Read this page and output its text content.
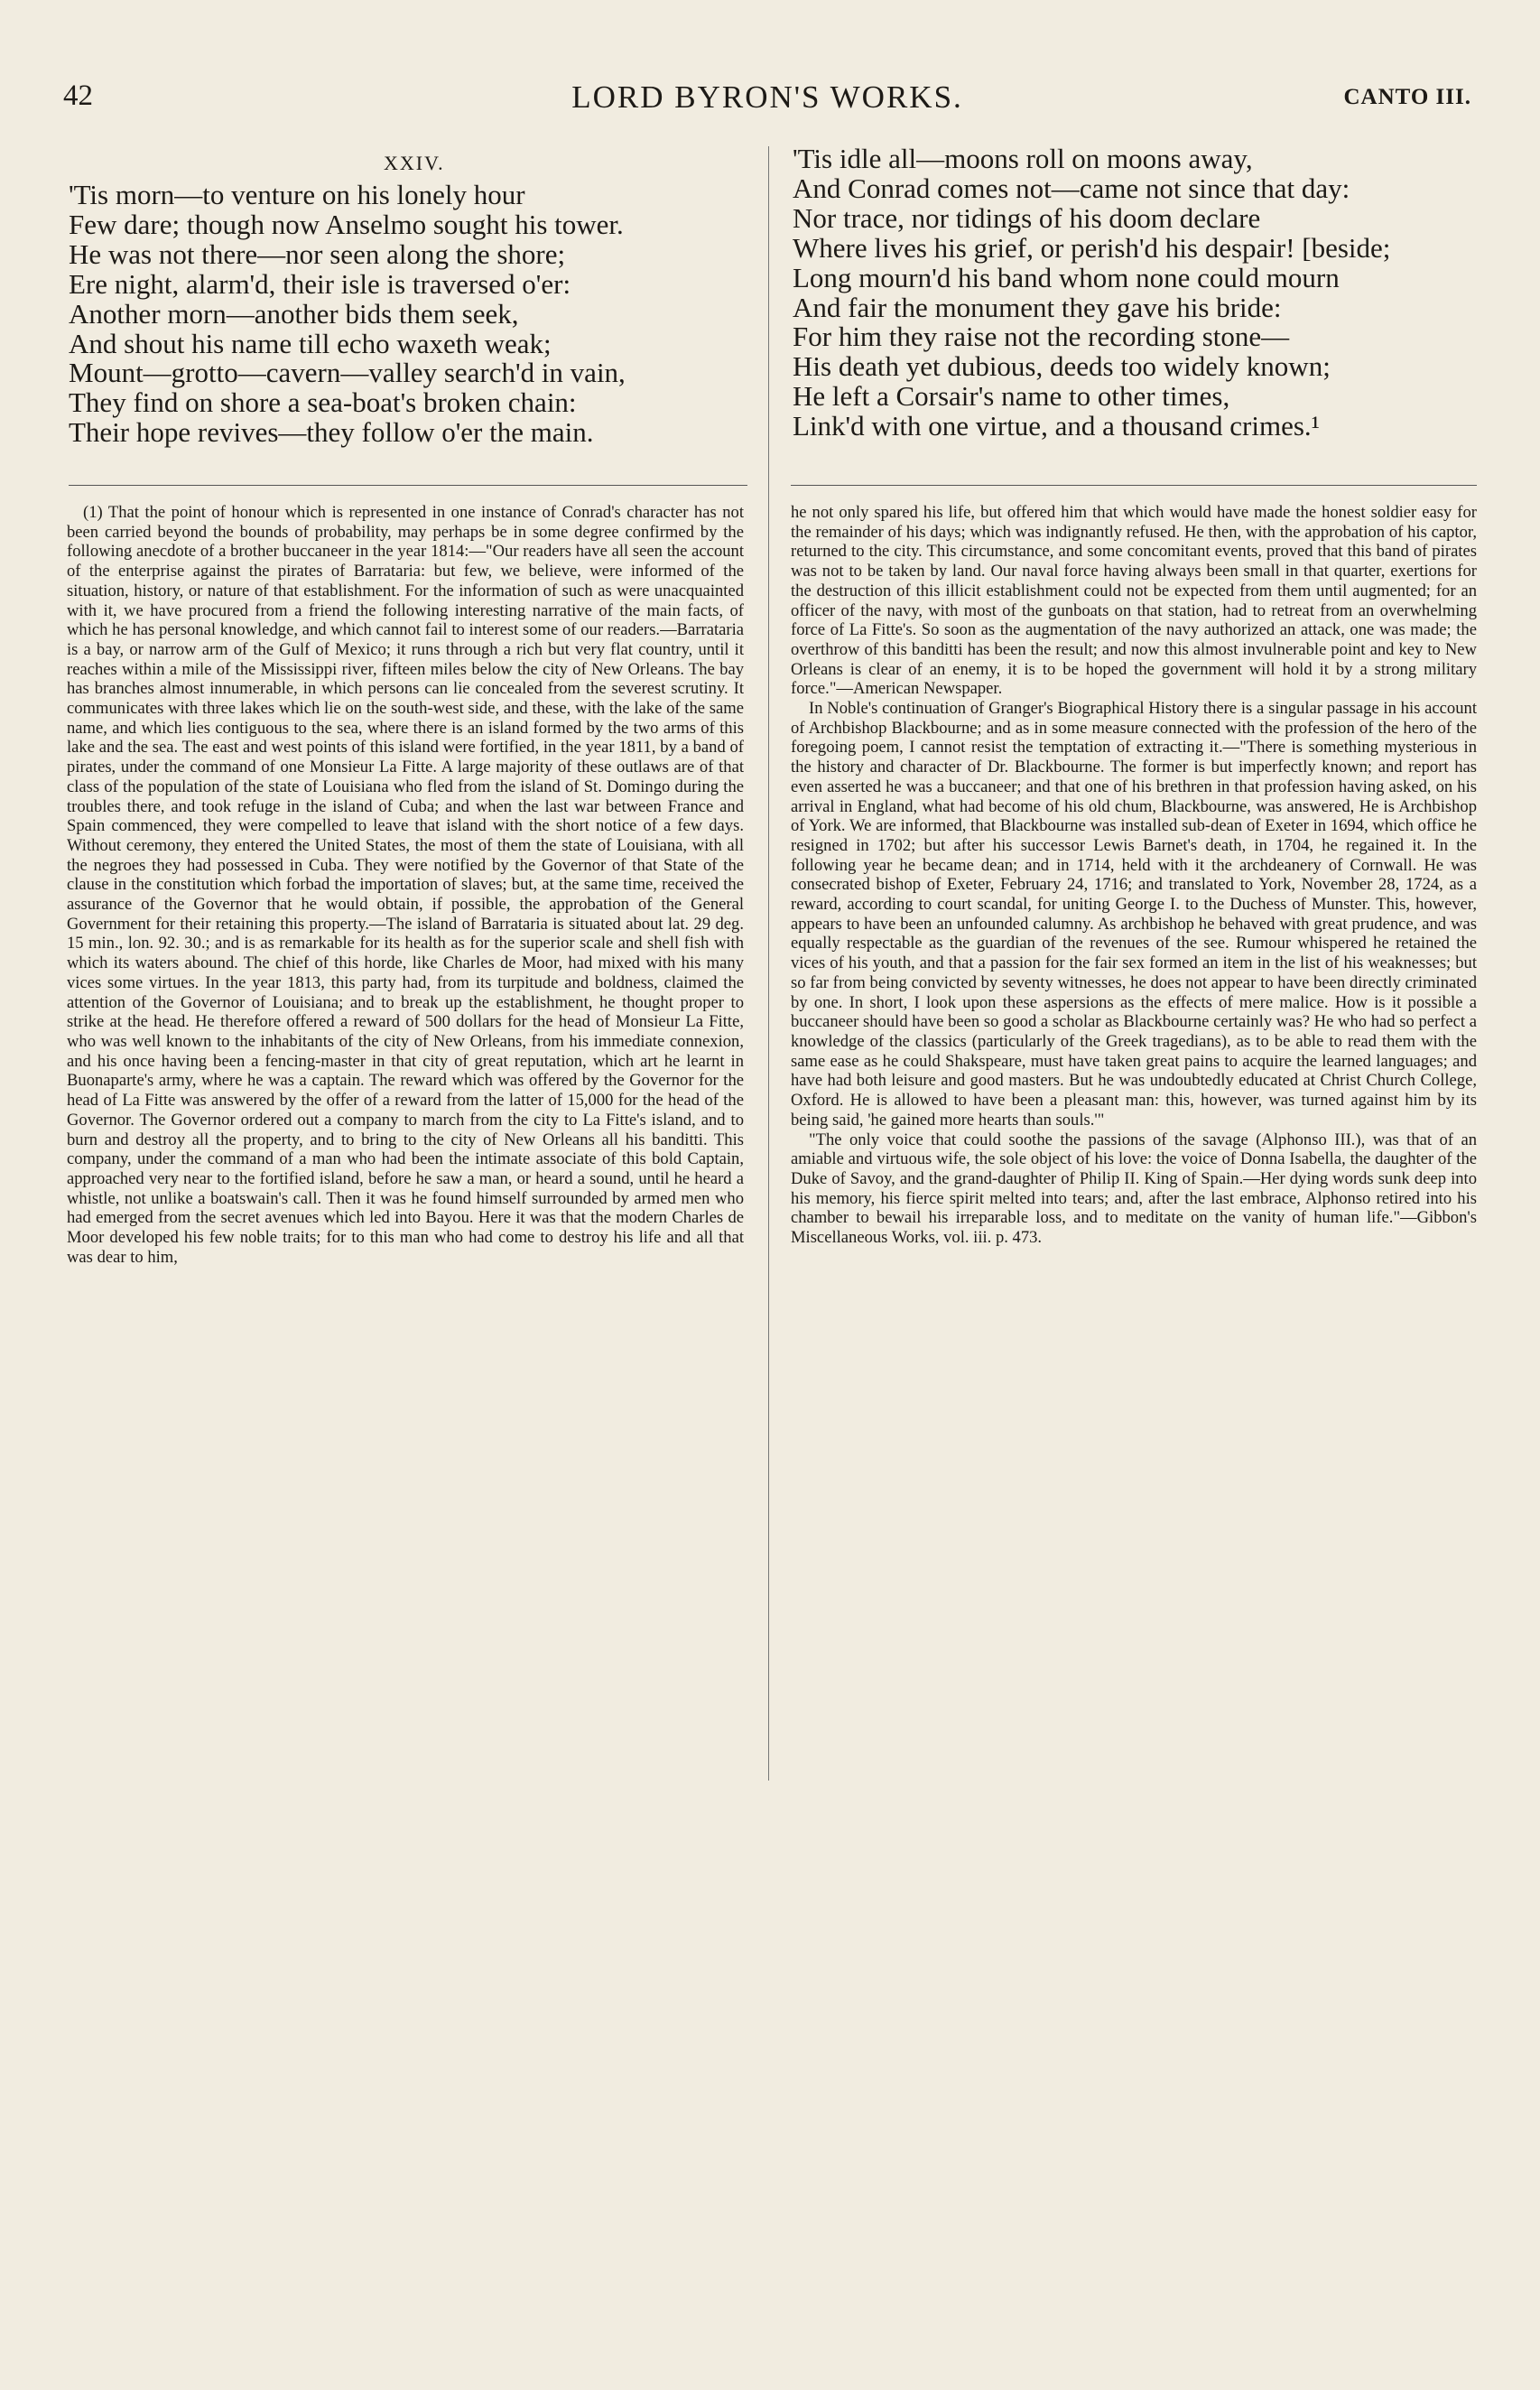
42	LORD BYRON'S WORKS.	CANTO III.
XXIV.
'Tis morn—to venture on his lonely hour
Few dare; though now Anselmo sought his tower.
He was not there—nor seen along the shore;
Ere night, alarm'd, their isle is traversed o'er:
Another morn—another bids them seek,
And shout his name till echo waxeth weak;
Mount—grotto—cavern—valley search'd in vain,
They find on shore a sea-boat's broken chain:
Their hope revives—they follow o'er the main.
'Tis idle all—moons roll on moons away,
And Conrad comes not—came not since that day:
Nor trace, nor tidings of his doom declare
Where lives his grief, or perish'd his despair! [beside;
Long mourn'd his band whom none could mourn
And fair the monument they gave his bride:
For him they raise not the recording stone—
His death yet dubious, deeds too widely known;
He left a Corsair's name to other times,
Link'd with one virtue, and a thousand crimes.¹

(1) That the point of honour which is represented in one instance of Conrad's character has not been carried beyond the bounds of probability, may perhaps be in some degree confirmed by the following anecdote of a brother buccaneer in the year 1814:—"Our readers have all seen the account of the enterprise against the pirates of Barrataria: but few, we believe, were informed of the situation, history, or nature of that establishment. For the information of such as were unacquainted with it, we have procured from a friend the following interesting narrative of the main facts, of which he has personal knowledge, and which cannot fail to interest some of our readers.—Barrataria is a bay, or narrow arm of the Gulf of Mexico; it runs through a rich but very flat country, until it reaches within a mile of the Mississippi river, fifteen miles below the city of New Orleans. The bay has branches almost innumerable, in which persons can lie concealed from the severest scrutiny. It communicates with three lakes which lie on the south-west side, and these, with the lake of the same name, and which lies contiguous to the sea, where there is an island formed by the two arms of this lake and the sea. The east and west points of this island were fortified, in the year 1811, by a band of pirates, under the command of one Monsieur La Fitte. A large majority of these outlaws are of that class of the population of the state of Louisiana who fled from the island of St. Domingo during the troubles there, and took refuge in the island of Cuba; and when the last war between France and Spain commenced, they were compelled to leave that island with the short notice of a few days. Without ceremony, they entered the United States, the most of them the state of Louisiana, with all the negroes they had possessed in Cuba. They were notified by the Governor of that State of the clause in the constitution which forbad the importation of slaves; but, at the same time, received the assurance of the Governor that he would obtain, if possible, the approbation of the General Government for their retaining this property.—The island of Barrataria is situated about lat. 29 deg. 15 min., lon. 92. 30.; and is as remarkable for its health as for the superior scale and shell fish with which its waters abound. The chief of this horde, like Charles de Moor, had mixed with his many vices some virtues. In the year 1813, this party had, from its turpitude and boldness, claimed the attention of the Governor of Louisiana; and to break up the establishment, he thought proper to strike at the head. He therefore offered a reward of 500 dollars for the head of Monsieur La Fitte, who was well known to the inhabitants of the city of New Orleans, from his immediate connexion, and his once having been a fencing-master in that city of great reputation, which art he learnt in Buonaparte's army, where he was a captain. The reward which was offered by the Governor for the head of La Fitte was answered by the offer of a reward from the latter of 15,000 for the head of the Governor. The Governor ordered out a company to march from the city to La Fitte's island, and to burn and destroy all the property, and to bring to the city of New Orleans all his banditti. This company, under the command of a man who had been the intimate associate of this bold Captain, approached very near to the fortified island, before he saw a man, or heard a sound, until he heard a whistle, not unlike a boatswain's call. Then it was he found himself surrounded by armed men who had emerged from the secret avenues which led into Bayou. Here it was that the modern Charles de Moor developed his few noble traits; for to this man who had come to destroy his life and all that was dear to him,

he not only spared his life, but offered him that which would have made the honest soldier easy for the remainder of his days; which was indignantly refused. He then, with the approbation of his captor, returned to the city. This circumstance, and some concomitant events, proved that this band of pirates was not to be taken by land. Our naval force having always been small in that quarter, exertions for the destruction of this illicit establishment could not be expected from them until augmented; for an officer of the navy, with most of the gunboats on that station, had to retreat from an overwhelming force of La Fitte's. So soon as the augmentation of the navy authorized an attack, one was made; the overthrow of this banditti has been the result; and now this almost invulnerable point and key to New Orleans is clear of an enemy, it is to be hoped the government will hold it by a strong military force."—American Newspaper.

In Noble's continuation of Granger's Biographical History there is a singular passage in his account of Archbishop Blackbourne; and as in some measure connected with the profession of the hero of the foregoing poem, I cannot resist the temptation of extracting it.—"There is something mysterious in the history and character of Dr. Blackbourne. The former is but imperfectly known; and report has even asserted he was a buccaneer; and that one of his brethren in that profession having asked, on his arrival in England, what had become of his old chum, Blackbourne, was answered, He is Archbishop of York. We are informed, that Blackbourne was installed sub-dean of Exeter in 1694, which office he resigned in 1702; but after his successor Lewis Barnet's death, in 1704, he regained it. In the following year he became dean; and in 1714, held with it the archdeanery of Cornwall. He was consecrated bishop of Exeter, February 24, 1716; and translated to York, November 28, 1724, as a reward, according to court scandal, for uniting George I. to the Duchess of Munster. This, however, appears to have been an unfounded calumny. As archbishop he behaved with great prudence, and was equally respectable as the guardian of the revenues of the see. Rumour whispered he retained the vices of his youth, and that a passion for the fair sex formed an item in the list of his weaknesses; but so far from being convicted by seventy witnesses, he does not appear to have been directly criminated by one. In short, I look upon these aspersions as the effects of mere malice. How is it possible a buccaneer should have been so good a scholar as Blackbourne certainly was? He who had so perfect a knowledge of the classics (particularly of the Greek tragedians), as to be able to read them with the same ease as he could Shakspeare, must have taken great pains to acquire the learned languages; and have had both leisure and good masters. But he was undoubtedly educated at Christ Church College, Oxford. He is allowed to have been a pleasant man: this, however, was turned against him by its being said, 'he gained more hearts than souls.'"

"The only voice that could soothe the passions of the savage (Alphonso III.), was that of an amiable and virtuous wife, the sole object of his love: the voice of Donna Isabella, the daughter of the Duke of Savoy, and the grand-daughter of Philip II. King of Spain.—Her dying words sunk deep into his memory, his fierce spirit melted into tears; and, after the last embrace, Alphonso retired into his chamber to bewail his irreparable loss, and to meditate on the vanity of human life."—Gibbon's Miscellaneous Works, vol. iii. p. 473.
